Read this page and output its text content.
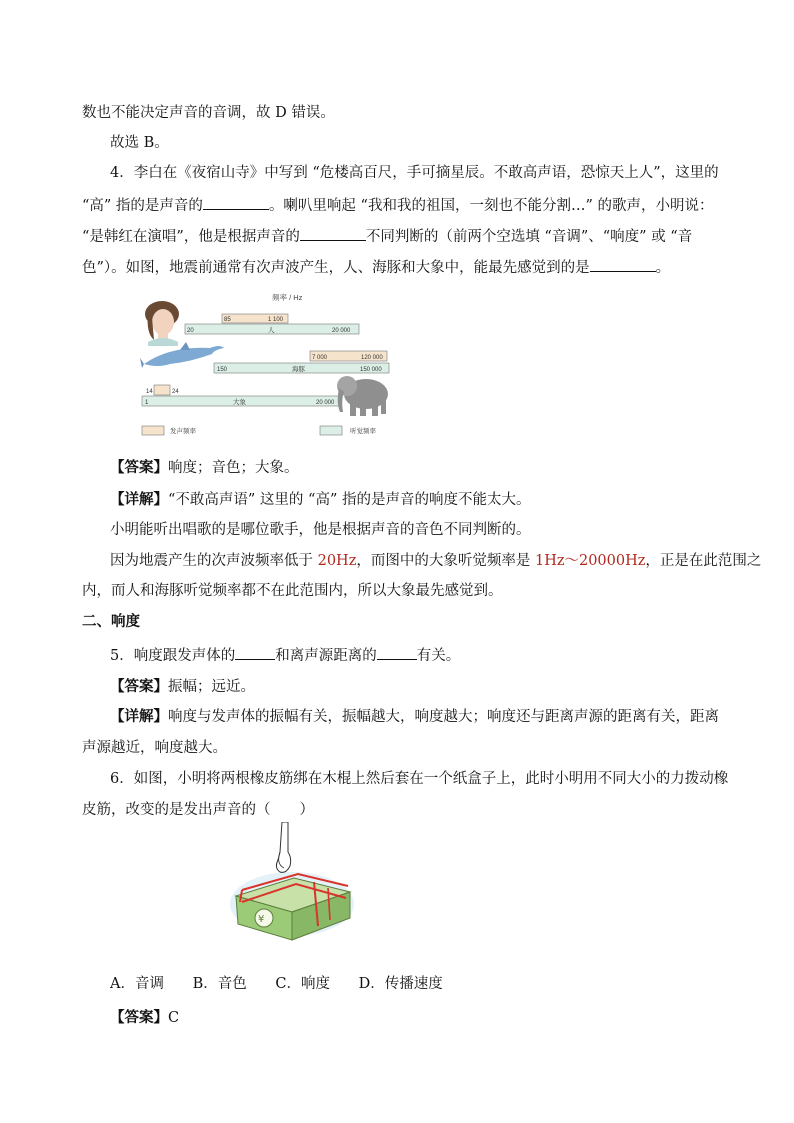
数也不能决定声音的音调，故 D 错误。
故选 B。
4．李白在《夜宿山寺》中写到 “危楼高百尺，手可摘星辰。不敢高声语，恐惊天上人”，这里的
“高” 指的是声音的	。喇叭里响起 “我和我的祖国，一刻也不能分割…” 的歌声，小明说：
“是韩红在演唱”，他是根据声音的	不同判断的（前两个空选填 “音调”、“响度” 或 “音
色”）。如图，地震前通常有次声波产生，人、海豚和大象中，能最先感觉到的是	。
频率 / Hz
85	1 100
20	人	20 000
7 000	120 000
150	海豚	150 000
14	24
1	大象	20 000
发声频率	听觉频率
【答案】响度；音色；大象。
【详解】“不敢高声语” 这里的 “高” 指的是声音的响度不能太大。
小明能听出唱歌的是哪位歌手，他是根据声音的音色不同判断的。
因为地震产生的次声波频率低于 20Hz，而图中的大象听觉频率是 1Hz～20000Hz，正是在此范围之
内，而人和海豚听觉频率都不在此范围内，所以大象最先感觉到。
二、响度
5．响度跟发声体的	和离声源距离的	有关。
【答案】振幅；远近。
【详解】响度与发声体的振幅有关，振幅越大，响度越大；响度还与距离声源的距离有关，距离
声源越近，响度越大。
6．如图，小明将两根橡皮筋绑在木棍上然后套在一个纸盒子上，此时小明用不同大小的力拨动橡
皮筋，改变的是发出声音的（　　）
¥
A．音调 B．音色 C．响度 D．传播速度
【答案】C
